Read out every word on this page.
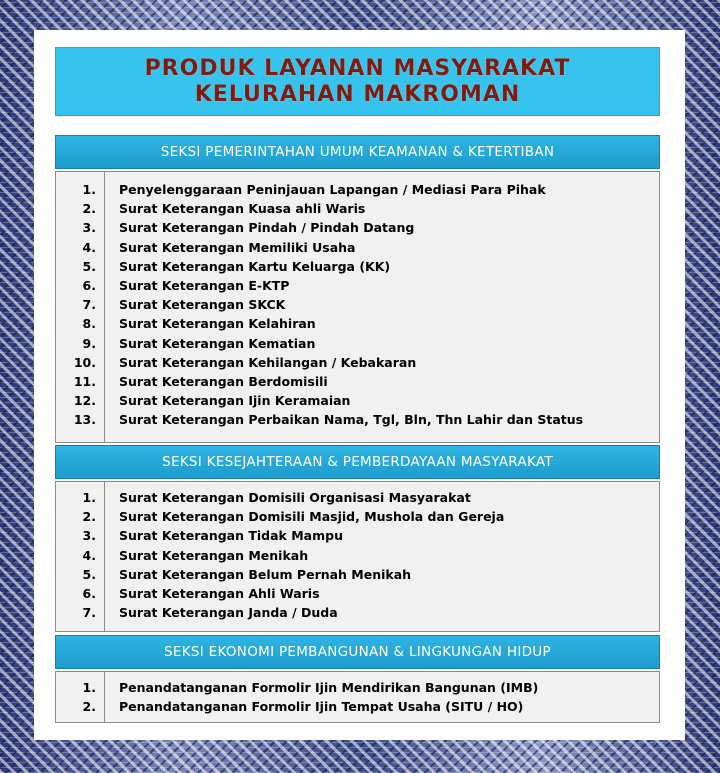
PRODUK LAYANAN MASYARAKAT
KELURAHAN MAKROMAN
SEKSI PEMERINTAHAN UMUM KEAMANAN & KETERTIBAN
1. Penyelenggaraan Peninjauan Lapangan / Mediasi Para Pihak
2. Surat Keterangan Kuasa ahli Waris
3. Surat Keterangan Pindah / Pindah Datang
4. Surat Keterangan Memiliki Usaha
5. Surat Keterangan Kartu Keluarga (KK)
6. Surat Keterangan E-KTP
7. Surat Keterangan SKCK
8. Surat Keterangan Kelahiran
9. Surat Keterangan Kematian
10. Surat Keterangan Kehilangan / Kebakaran
11. Surat Keterangan Berdomisili
12. Surat Keterangan Ijin Keramaian
13. Surat Keterangan Perbaikan Nama, Tgl, Bln, Thn Lahir dan Status
SEKSI KESEJAHTERAAN & PEMBERDAYAAN MASYARAKAT
1. Surat Keterangan Domisili Organisasi Masyarakat
2. Surat Keterangan Domisili Masjid, Mushola dan Gereja
3. Surat Keterangan Tidak Mampu
4. Surat Keterangan Menikah
5. Surat Keterangan Belum Pernah Menikah
6. Surat Keterangan Ahli Waris
7. Surat Keterangan Janda / Duda
SEKSI EKONOMI PEMBANGUNAN & LINGKUNGAN HIDUP
1. Penandatanganan Formolir Ijin Mendirikan Bangunan (IMB)
2. Penandatanganan Formolir Ijin Tempat Usaha (SITU / HO)
